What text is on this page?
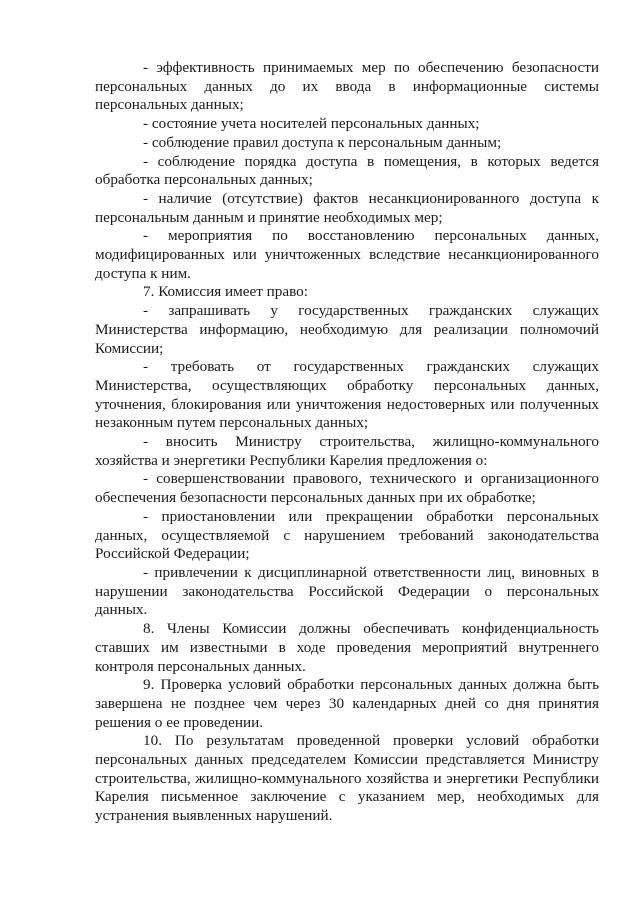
- эффективность принимаемых мер по обеспечению безопасности персональных данных до их ввода в информационные системы персональных данных;

- состояние учета носителей персональных данных;

- соблюдение правил доступа к персональным данным;

- соблюдение порядка доступа в помещения, в которых ведется обработка персональных данных;

- наличие (отсутствие) фактов несанкционированного доступа к персональным данным и принятие необходимых мер;

- мероприятия по восстановлению персональных данных, модифицированных или уничтоженных вследствие несанкционированного доступа к ним.

7. Комиссия имеет право:

- запрашивать у государственных гражданских служащих Министерства информацию, необходимую для реализации полномочий Комиссии;

- требовать от государственных гражданских служащих Министерства, осуществляющих обработку персональных данных, уточнения, блокирования или уничтожения недостоверных или полученных незаконным путем персональных данных;

- вносить Министру строительства, жилищно-коммунального хозяйства и энергетики Республики Карелия предложения о:

- совершенствовании правового, технического и организационного обеспечения безопасности персональных данных при их обработке;

- приостановлении или прекращении обработки персональных данных, осуществляемой с нарушением требований законодательства Российской Федерации;

- привлечении к дисциплинарной ответственности лиц, виновных в нарушении законодательства Российской Федерации о персональных данных.

8. Члены Комиссии должны обеспечивать конфиденциальность ставших им известными в ходе проведения мероприятий внутреннего контроля персональных данных.

9. Проверка условий обработки персональных данных должна быть завершена не позднее чем через 30 календарных дней со дня принятия решения о ее проведении.

10. По результатам проведенной проверки условий обработки персональных данных председателем Комиссии представляется Министру строительства, жилищно-коммунального хозяйства и энергетики Республики Карелия письменное заключение с указанием мер, необходимых для устранения выявленных нарушений.
